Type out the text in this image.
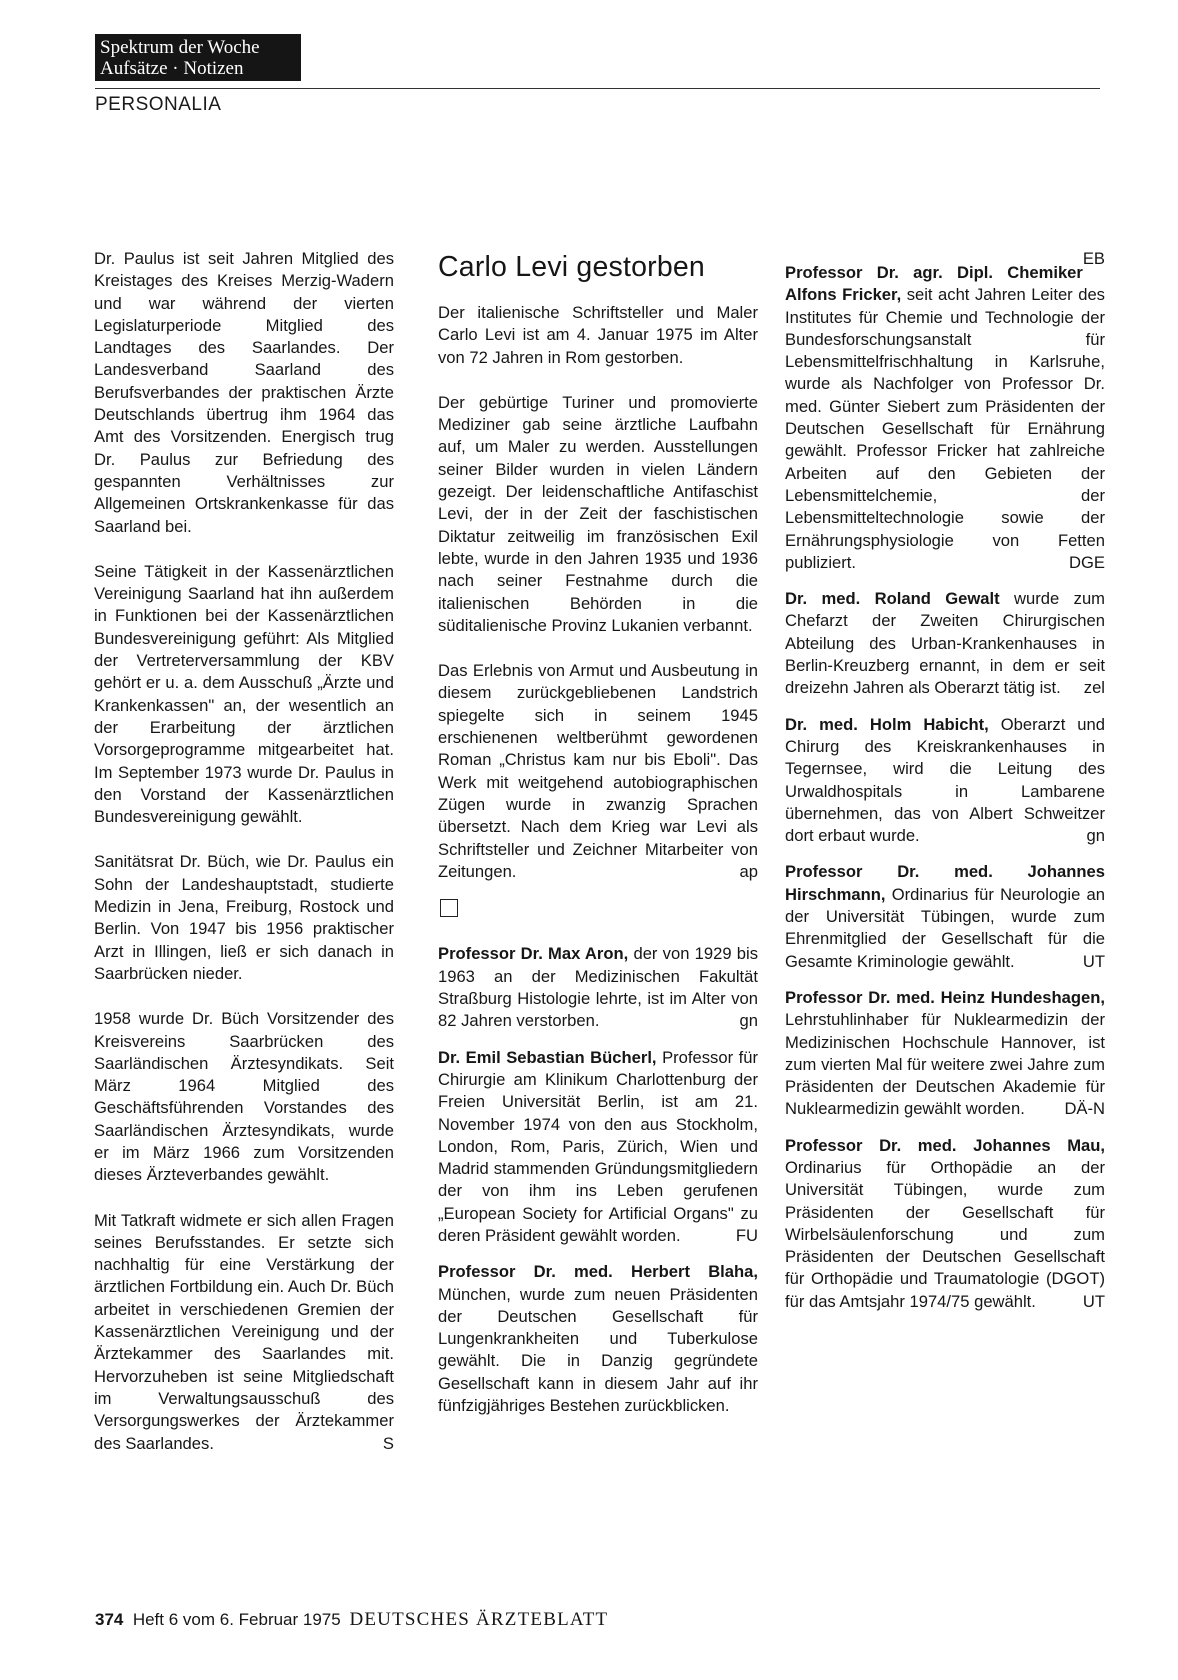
Spektrum der Woche
Aufsätze · Notizen
PERSONALIA

Dr. Paulus ist seit Jahren Mitglied des Kreistages des Kreises Merzig-Wadern und war während der vierten Legislaturperiode Mitglied des Landtages des Saarlandes. Der Landesverband Saarland des Berufsverbandes der praktischen Ärzte Deutschlands übertrug ihm 1964 das Amt des Vorsitzenden. Energisch trug Dr. Paulus zur Befriedung des gespannten Verhältnisses zur Allgemeinen Ortskrankenkasse für das Saarland bei.

Seine Tätigkeit in der Kassenärztlichen Vereinigung Saarland hat ihn außerdem in Funktionen bei der Kassenärztlichen Bundesvereinigung geführt: Als Mitglied der Vertreterversammlung der KBV gehört er u. a. dem Ausschuß „Ärzte und Krankenkassen" an, der wesentlich an der Erarbeitung der ärztlichen Vorsorgeprogramme mitgearbeitet hat. Im September 1973 wurde Dr. Paulus in den Vorstand der Kassenärztlichen Bundesvereinigung gewählt.

Sanitätsrat Dr. Büch, wie Dr. Paulus ein Sohn der Landeshauptstadt, studierte Medizin in Jena, Freiburg, Rostock und Berlin. Von 1947 bis 1956 praktischer Arzt in Illingen, ließ er sich danach in Saarbrücken nieder.

1958 wurde Dr. Büch Vorsitzender des Kreisvereins Saarbrücken des Saarländischen Ärztesyndikats. Seit März 1964 Mitglied des Geschäftsführenden Vorstandes des Saarländischen Ärztesyndikats, wurde er im März 1966 zum Vorsitzenden dieses Ärzteverbandes gewählt.

Mit Tatkraft widmete er sich allen Fragen seines Berufsstandes. Er setzte sich nachhaltig für eine Verstärkung der ärztlichen Fortbildung ein. Auch Dr. Büch arbeitet in verschiedenen Gremien der Kassenärztlichen Vereinigung und der Ärztekammer des Saarlandes mit. Hervorzuheben ist seine Mitgliedschaft im Verwaltungsausschuß des Versorgungswerkes der Ärztekammer des Saarlandes.	S

Carlo Levi gestorben

Der italienische Schriftsteller und Maler Carlo Levi ist am 4. Januar 1975 im Alter von 72 Jahren in Rom gestorben.

Der gebürtige Turiner und promovierte Mediziner gab seine ärztliche Laufbahn auf, um Maler zu werden. Ausstellungen seiner Bilder wurden in vielen Ländern gezeigt. Der leidenschaftliche Antifaschist Levi, der in der Zeit der faschistischen Diktatur zeitweilig im französischen Exil lebte, wurde in den Jahren 1935 und 1936 nach seiner Festnahme durch die italienischen Behörden in die süditalienische Provinz Lukanien verbannt.

Das Erlebnis von Armut und Ausbeutung in diesem zurückgebliebenen Landstrich spiegelte sich in seinem 1945 erschienenen weltberühmt gewordenen Roman „Christus kam nur bis Eboli". Das Werk mit weitgehend autobiographischen Zügen wurde in zwanzig Sprachen übersetzt. Nach dem Krieg war Levi als Schriftsteller und Zeichner Mitarbeiter von Zeitungen.	ap

Professor Dr. Max Aron, der von 1929 bis 1963 an der Medizinischen Fakultät Straßburg Histologie lehrte, ist im Alter von 82 Jahren verstorben.	gn

Dr. Emil Sebastian Bücherl, Professor für Chirurgie am Klinikum Charlottenburg der Freien Universität Berlin, ist am 21. November 1974 von den aus Stockholm, London, Rom, Paris, Zürich, Wien und Madrid stammenden Gründungsmitgliedern der von ihm ins Leben gerufenen „European Society for Artificial Organs" zu deren Präsident gewählt worden.	FU

Professor Dr. med. Herbert Blaha, München, wurde zum neuen Präsidenten der Deutschen Gesellschaft für Lungenkrankheiten und Tuberkulose gewählt. Die in Danzig gegründete Gesellschaft kann in diesem Jahr auf ihr fünfzigjähriges Bestehen zurückblicken.

EB

Professor Dr. agr. Dipl. Chemiker Alfons Fricker, seit acht Jahren Leiter des Institutes für Chemie und Technologie der Bundesforschungsanstalt für Lebensmittelfrischhaltung in Karlsruhe, wurde als Nachfolger von Professor Dr. med. Günter Siebert zum Präsidenten der Deutschen Gesellschaft für Ernährung gewählt. Professor Fricker hat zahlreiche Arbeiten auf den Gebieten der Lebensmittelchemie, der Lebensmitteltechnologie sowie der Ernährungsphysiologie von Fetten publiziert.	DGE

Dr. med. Roland Gewalt wurde zum Chefarzt der Zweiten Chirurgischen Abteilung des Urban-Krankenhauses in Berlin-Kreuzberg ernannt, in dem er seit dreizehn Jahren als Oberarzt tätig ist. zel

Dr. med. Holm Habicht, Oberarzt und Chirurg des Kreiskrankenhauses in Tegernsee, wird die Leitung des Urwaldhospitals in Lambarene übernehmen, das von Albert Schweitzer dort erbaut wurde.	gn

Professor Dr. med. Johannes Hirschmann, Ordinarius für Neurologie an der Universität Tübingen, wurde zum Ehrenmitglied der Gesellschaft für die Gesamte Kriminologie gewählt.	UT

Professor Dr. med. Heinz Hundeshagen, Lehrstuhlinhaber für Nuklearmedizin der Medizinischen Hochschule Hannover, ist zum vierten Mal für weitere zwei Jahre zum Präsidenten der Deutschen Akademie für Nuklearmedizin gewählt worden. DÄ-N

Professor Dr. med. Johannes Mau, Ordinarius für Orthopädie an der Universität Tübingen, wurde zum Präsidenten der Gesellschaft für Wirbelsäulenforschung und zum Präsidenten der Deutschen Gesellschaft für Orthopädie und Traumatologie (DGOT) für das Amtsjahr 1974/75 gewählt.	UT

374 Heft 6 vom 6. Februar 1975 DEUTSCHES ÄRZTEBLATT
